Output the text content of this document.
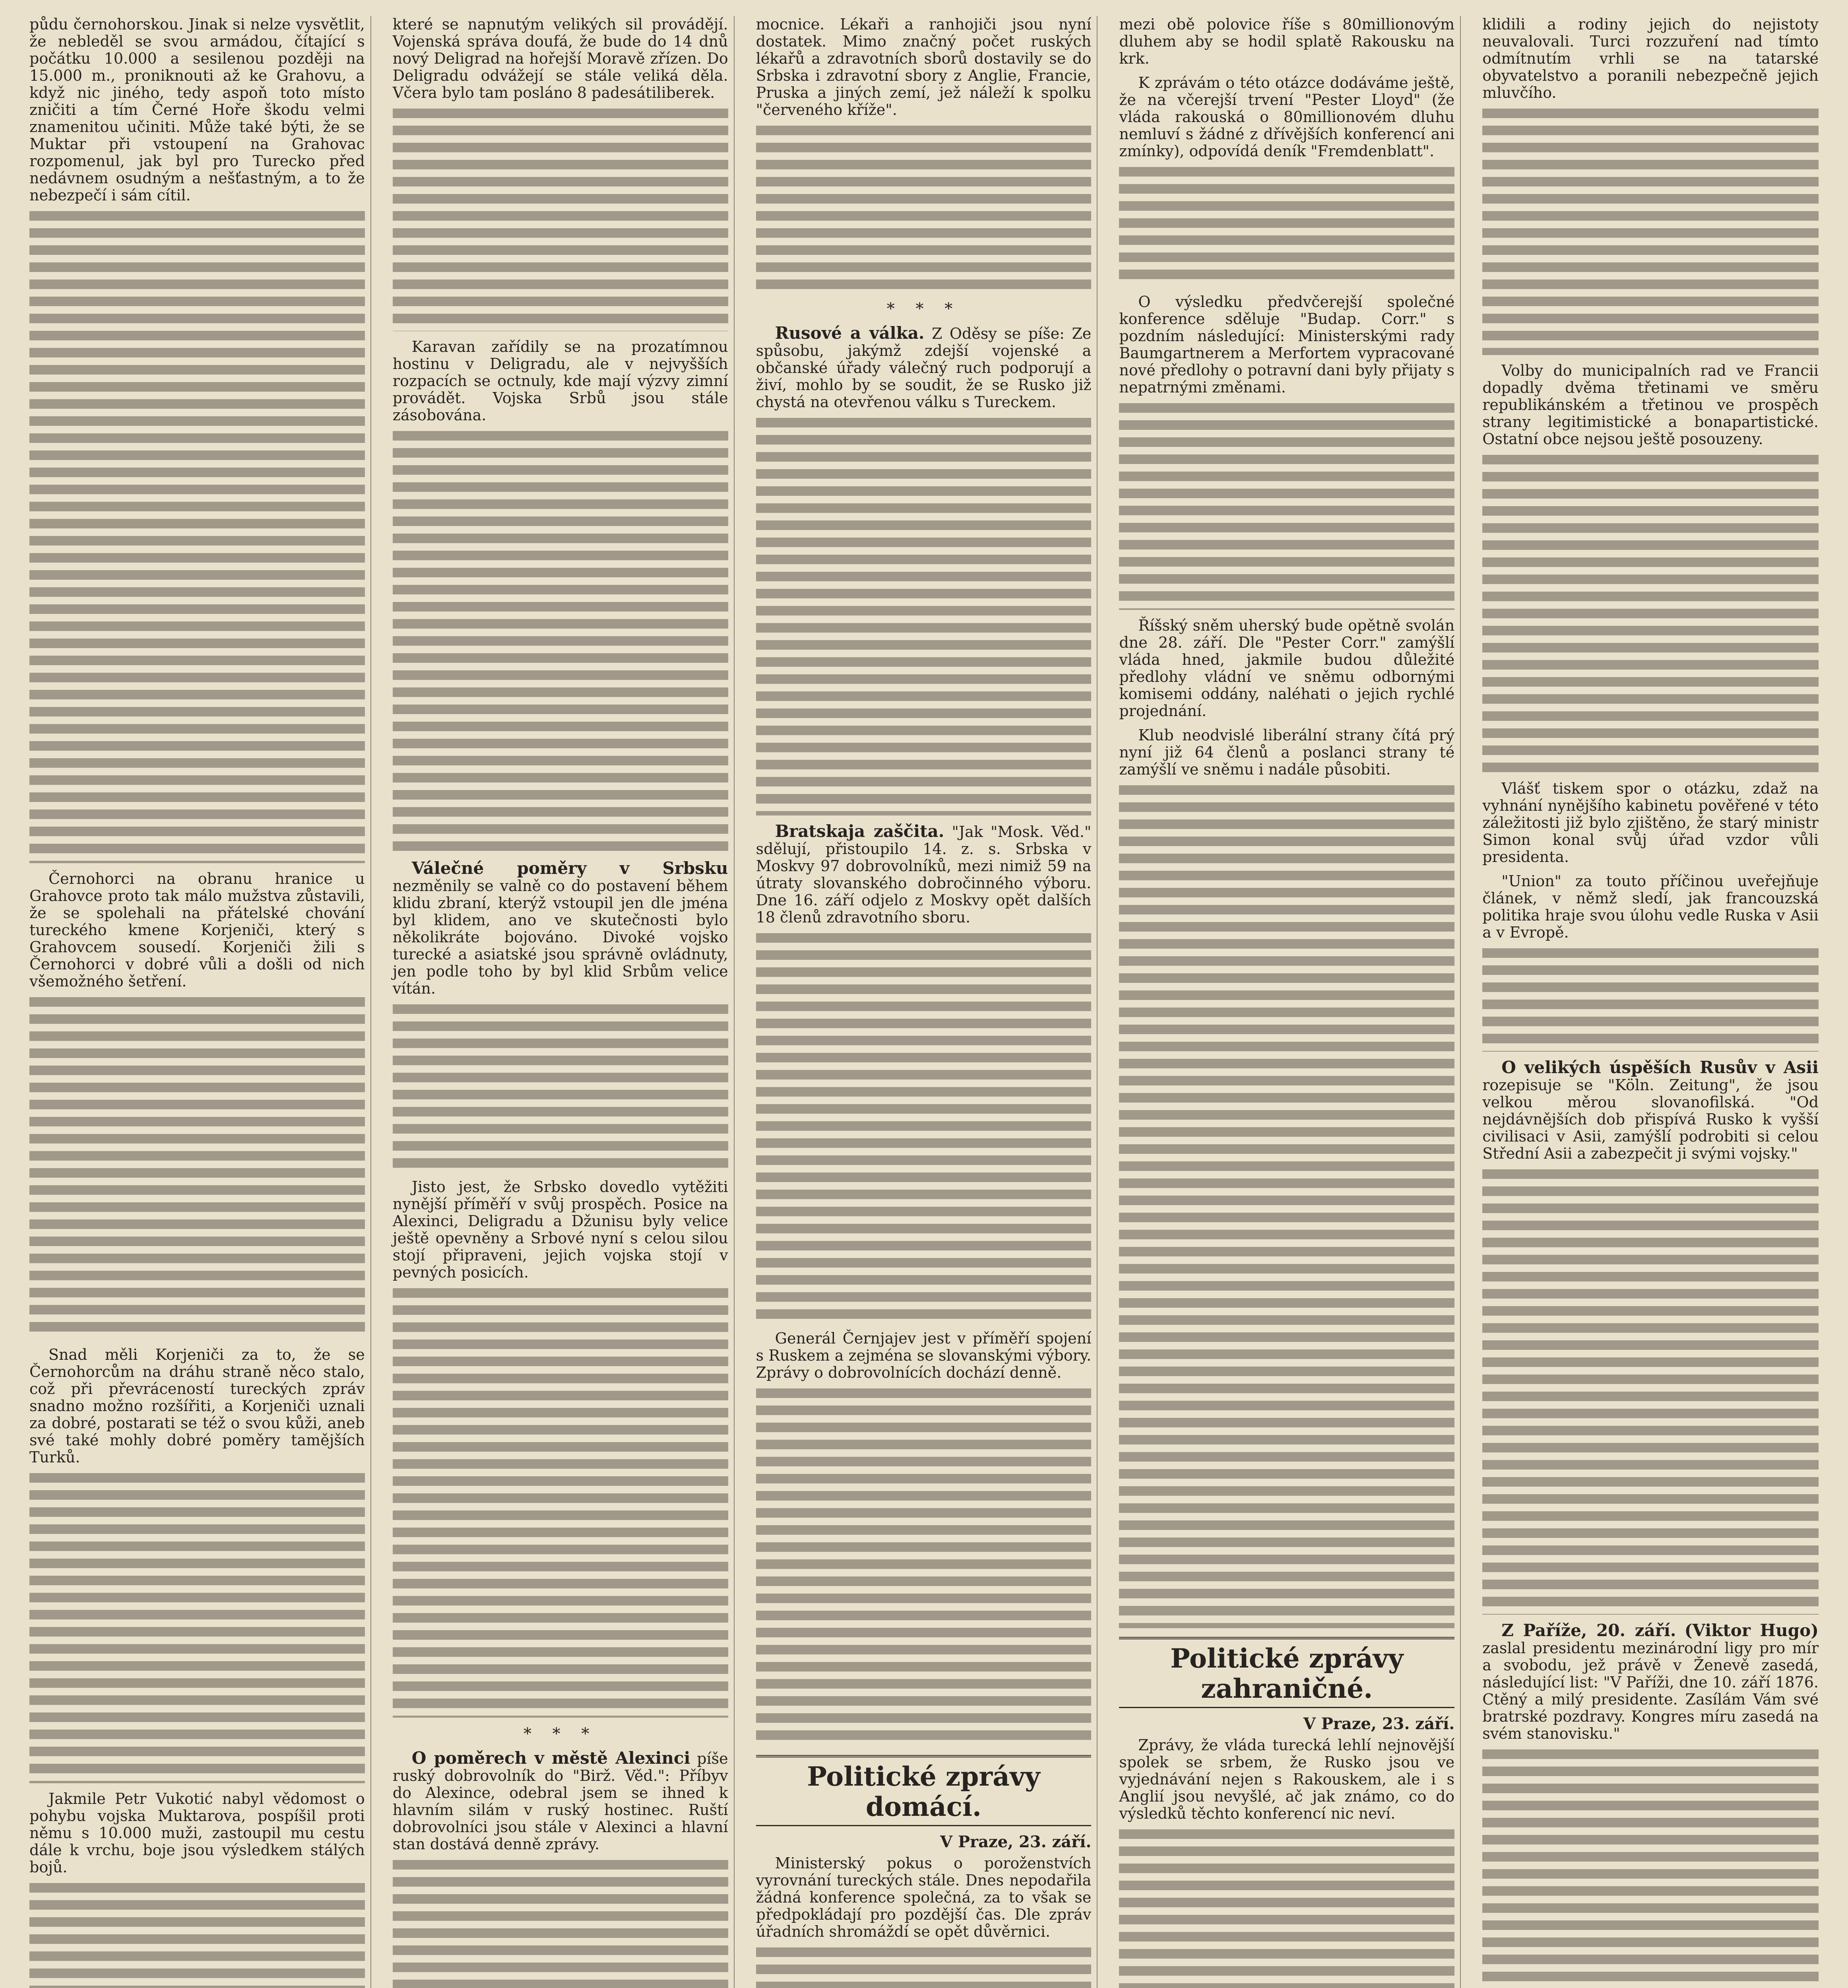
půdu černohorskou. Jinak si nelze vysvětlit, že nebleděl se svou armádou, čítající s počátku 10.000 a sesilenou později na 15.000 m., proniknouti až ke Grahovu, a když nic jiného, tedy aspoň toto místo zničiti a tím Černé Hoře škodu velmi znamenitou učiniti. Může také býti, že se Muktar při vstoupení na Grahovac rozpomenul, jak byl pro Turecko před nedávnem osudným a nešťastným, a to že nebezpečí i sám cítil.

Černohorci na obranu hranice u Grahovce proto tak málo mužstva zůstavili, že se spolehali na přátelské chování tureckého kmene Korjeniči, který s Grahovcem sousedí. Korjeniči žili s Černohorci v dobré vůli a došli od nich všemožného šetření.

Snad měli Korjeniči za to, že se Černohorcům na dráhu straně něco stalo, což při převráceností tureckých zpráv snadno možno rozšířiti, a Korjeniči uznali za dobré, postarati se též o svou kůži, aneb své také mohly dobré poměry tamějších Turků.

Jakmile Petr Vukotić nabyl vědomost o pohybu vojska Muktarova, pospíšil proti němu s 10.000 muži, zastoupil mu cestu dále k vrchu, boje jsou výsledkem stálých bojů.

které se napnutým velikých sil provádějí. Vojenská správa doufá, že bude do 14 dnů nový Deligrad na hořejší Moravě zřízen. Do Deligradu odvážejí se stále veliká děla. Včera bylo tam posláno 8 padesátiliberek.

Karavan zařídily se na prozatímnou hostinu v Deligradu, ale v nejvyšších rozpacích se octnuly, kde mají výzvy zimní provádět. Vojska Srbů jsou stále zásobována.

Válečné poměry v Srbsku nezměnily se valně co do postavení během klidu zbraní, kterýž vstoupil jen dle jména byl klidem, ano ve skutečnosti bylo několikráte bojováno. Divoké vojsko turecké a asiatské jsou správně ovládnuty, jen podle toho by byl klid Srbům velice vítán.

Jisto jest, že Srbsko dovedlo vytěžiti nynější příměří v svůj prospěch. Posice na Alexinci, Deligradu a Džunisu byly velice ještě opevněny a Srbové nyní s celou silou stojí připraveni, jejich vojska stojí v pevných posicích.

* * *

O poměrech v městě Alexinci píše ruský dobrovolník do "Birž. Věd.": Příbyv do Alexince, odebral jsem se ihned k hlavním silám v ruský hostinec. Ruští dobrovolníci jsou stále v Alexinci a hlavní stan dostává denně zprávy.

mocnice. Lékaři a ranhojiči jsou nyní dostatek. Mimo značný počet ruských lékařů a zdravotních sborů dostavily se do Srbska i zdravotní sbory z Anglie, Francie, Pruska a jiných zemí, jež náleží k spolku "červeného kříže".

* * *

Rusové a válka. Z Oděsy se píše: Ze spůsobu, jakýmž zdejší vojenské a občanské úřady válečný ruch podporují a živí, mohlo by se soudit, že se Rusko již chystá na otevřenou válku s Tureckem.

Bratskaja zaščita. "Jak "Mosk. Věd." sdělují, přistoupilo 14. z. s. Srbska v Moskvy 97 dobrovolníků, mezi nimiž 59 na útraty slovanského dobročinného výboru. Dne 16. září odjelo z Moskvy opět dalších 18 členů zdravotního sboru.

Generál Černjajev jest v příměří spojení s Ruskem a zejména se slovanskými výbory. Zprávy o dobrovolnících dochází denně.

Politické zprávy domácí.
V Praze, 23. září.

Ministerský pokus o poroženstvích vyrovnání tureckých stále. Dnes nepodařila žádná konference společná, za to však se předpokládají pro pozdější čas. Dle zpráv úřadních shromáždí se opět důvěrnici.

mezi obě polovice říše s 80millionovým dluhem aby se hodil splatě Rakousku na krk.

K zprávám o této otázce dodáváme ještě, že na včerejší trvení "Pester Lloyd" (že vláda rakouská o 80millionovém dluhu nemluví s žádné z dřívějších konferencí ani zmínky), odpovídá deník "Fremdenblatt".

O výsledku předvčerejší společné konference sděluje "Budap. Corr." s pozdním následující: Ministerskými rady Baumgartnerem a Merfortem vypracované nové předlohy o potravní dani byly přijaty s nepatrnými změnami.

Říšský sněm uherský bude opětně svolán dne 28. září. Dle "Pester Corr." zamýšlí vláda hned, jakmile budou důležité předlohy vládní ve sněmu odbornými komisemi oddány, naléhati o jejich rychlé projednání.

Klub neodvislé liberální strany čítá prý nyní již 64 členů a poslanci strany té zamýšlí ve sněmu i nadále působiti.

Politické zprávy zahraničné.
V Praze, 23. září.

Zprávy, že vláda turecká lehlí nejnovější spolek se srbem, že Rusko jsou ve vyjednávání nejen s Rakouskem, ale i s Anglií jsou nevyšlé, ač jak známo, co do výsledků těchto konferencí nic neví.

klidili a rodiny jejich do nejistoty neuvalovali. Turci rozzuření nad tímto odmítnutím vrhli se na tatarské obyvatelstvo a poranili nebezpečně jejich mluvčího.

Volby do municipalních rad ve Francii dopadly dvěma třetinami ve směru republikánském a třetinou ve prospěch strany legitimistické a bonapartistické. Ostatní obce nejsou ještě posouzeny.

Vlášť tiskem spor o otázku, zdaž na vyhnání nynějšího kabinetu pověřené v této záležitosti již bylo zjištěno, že starý ministr Simon konal svůj úřad vzdor vůli presidenta.

"Union" za touto příčinou uveřejňuje článek, v němž sledí, jak francouzská politika hraje svou úlohu vedle Ruska v Asii a v Evropě.

O velikých úspěších Rusův v Asii rozepisuje se "Köln. Zeitung", že jsou velkou měrou slovanofilská. "Od nejdávnějších dob přispívá Rusko k vyšší civilisaci v Asii, zamýšlí podrobiti si celou Střední Asii a zabezpečit ji svými vojsky."

Z Paříže, 20. září. (Viktor Hugo) zaslal presidentu mezinárodní ligy pro mír a svobodu, jež právě v Ženevě zasedá, následující list: "V Paříži, dne 10. září 1876. Ctěný a milý presidente. Zasílám Vám své bratrské pozdravy. Kongres míru zasedá na svém stanovisku."
